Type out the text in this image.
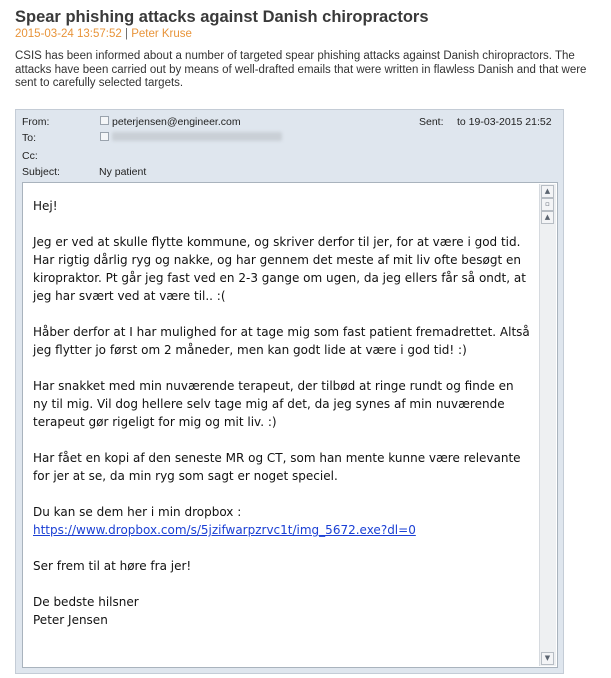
Spear phishing attacks against Danish chiropractors
2015-03-24 13:57:52 | Peter Kruse

CSIS has been informed about a number of targeted spear phishing attacks against Danish chiropractors. The attacks have been carried out by means of well-drafted emails that were written in flawless Danish and that were sent to carefully selected targets.

From:	peterjensen@engineer.com	Sent: to 19-03-2015 21:52
To:
Cc:
Subject:	Ny patient

Hej!

Jeg er ved at skulle flytte kommune, og skriver derfor til jer, for at være i god tid.
Har rigtig dårlig ryg og nakke, og har gennem det meste af mit liv ofte besøgt en
kiropraktor. Pt går jeg fast ved en 2-3 gange om ugen, da jeg ellers får så ondt, at
jeg har svært ved at være til.. :(

Håber derfor at I har mulighed for at tage mig som fast patient fremadrettet. Altså
jeg flytter jo først om 2 måneder, men kan godt lide at være i god tid! :)

Har snakket med min nuværende terapeut, der tilbød at ringe rundt og finde en
ny til mig. Vil dog hellere selv tage mig af det, da jeg synes af min nuværende
terapeut gør rigeligt for mig og mit liv. :)

Har fået en kopi af den seneste MR og CT, som han mente kunne være relevante
for jer at se, da min ryg som sagt er noget speciel.

Du kan se dem her i min dropbox :
https://www.dropbox.com/s/5jzifwarpzrvc1t/img_5672.exe?dl=0

Ser frem til at høre fra jer!

De bedste hilsner
Peter Jensen

▲
▫
▲
▼
